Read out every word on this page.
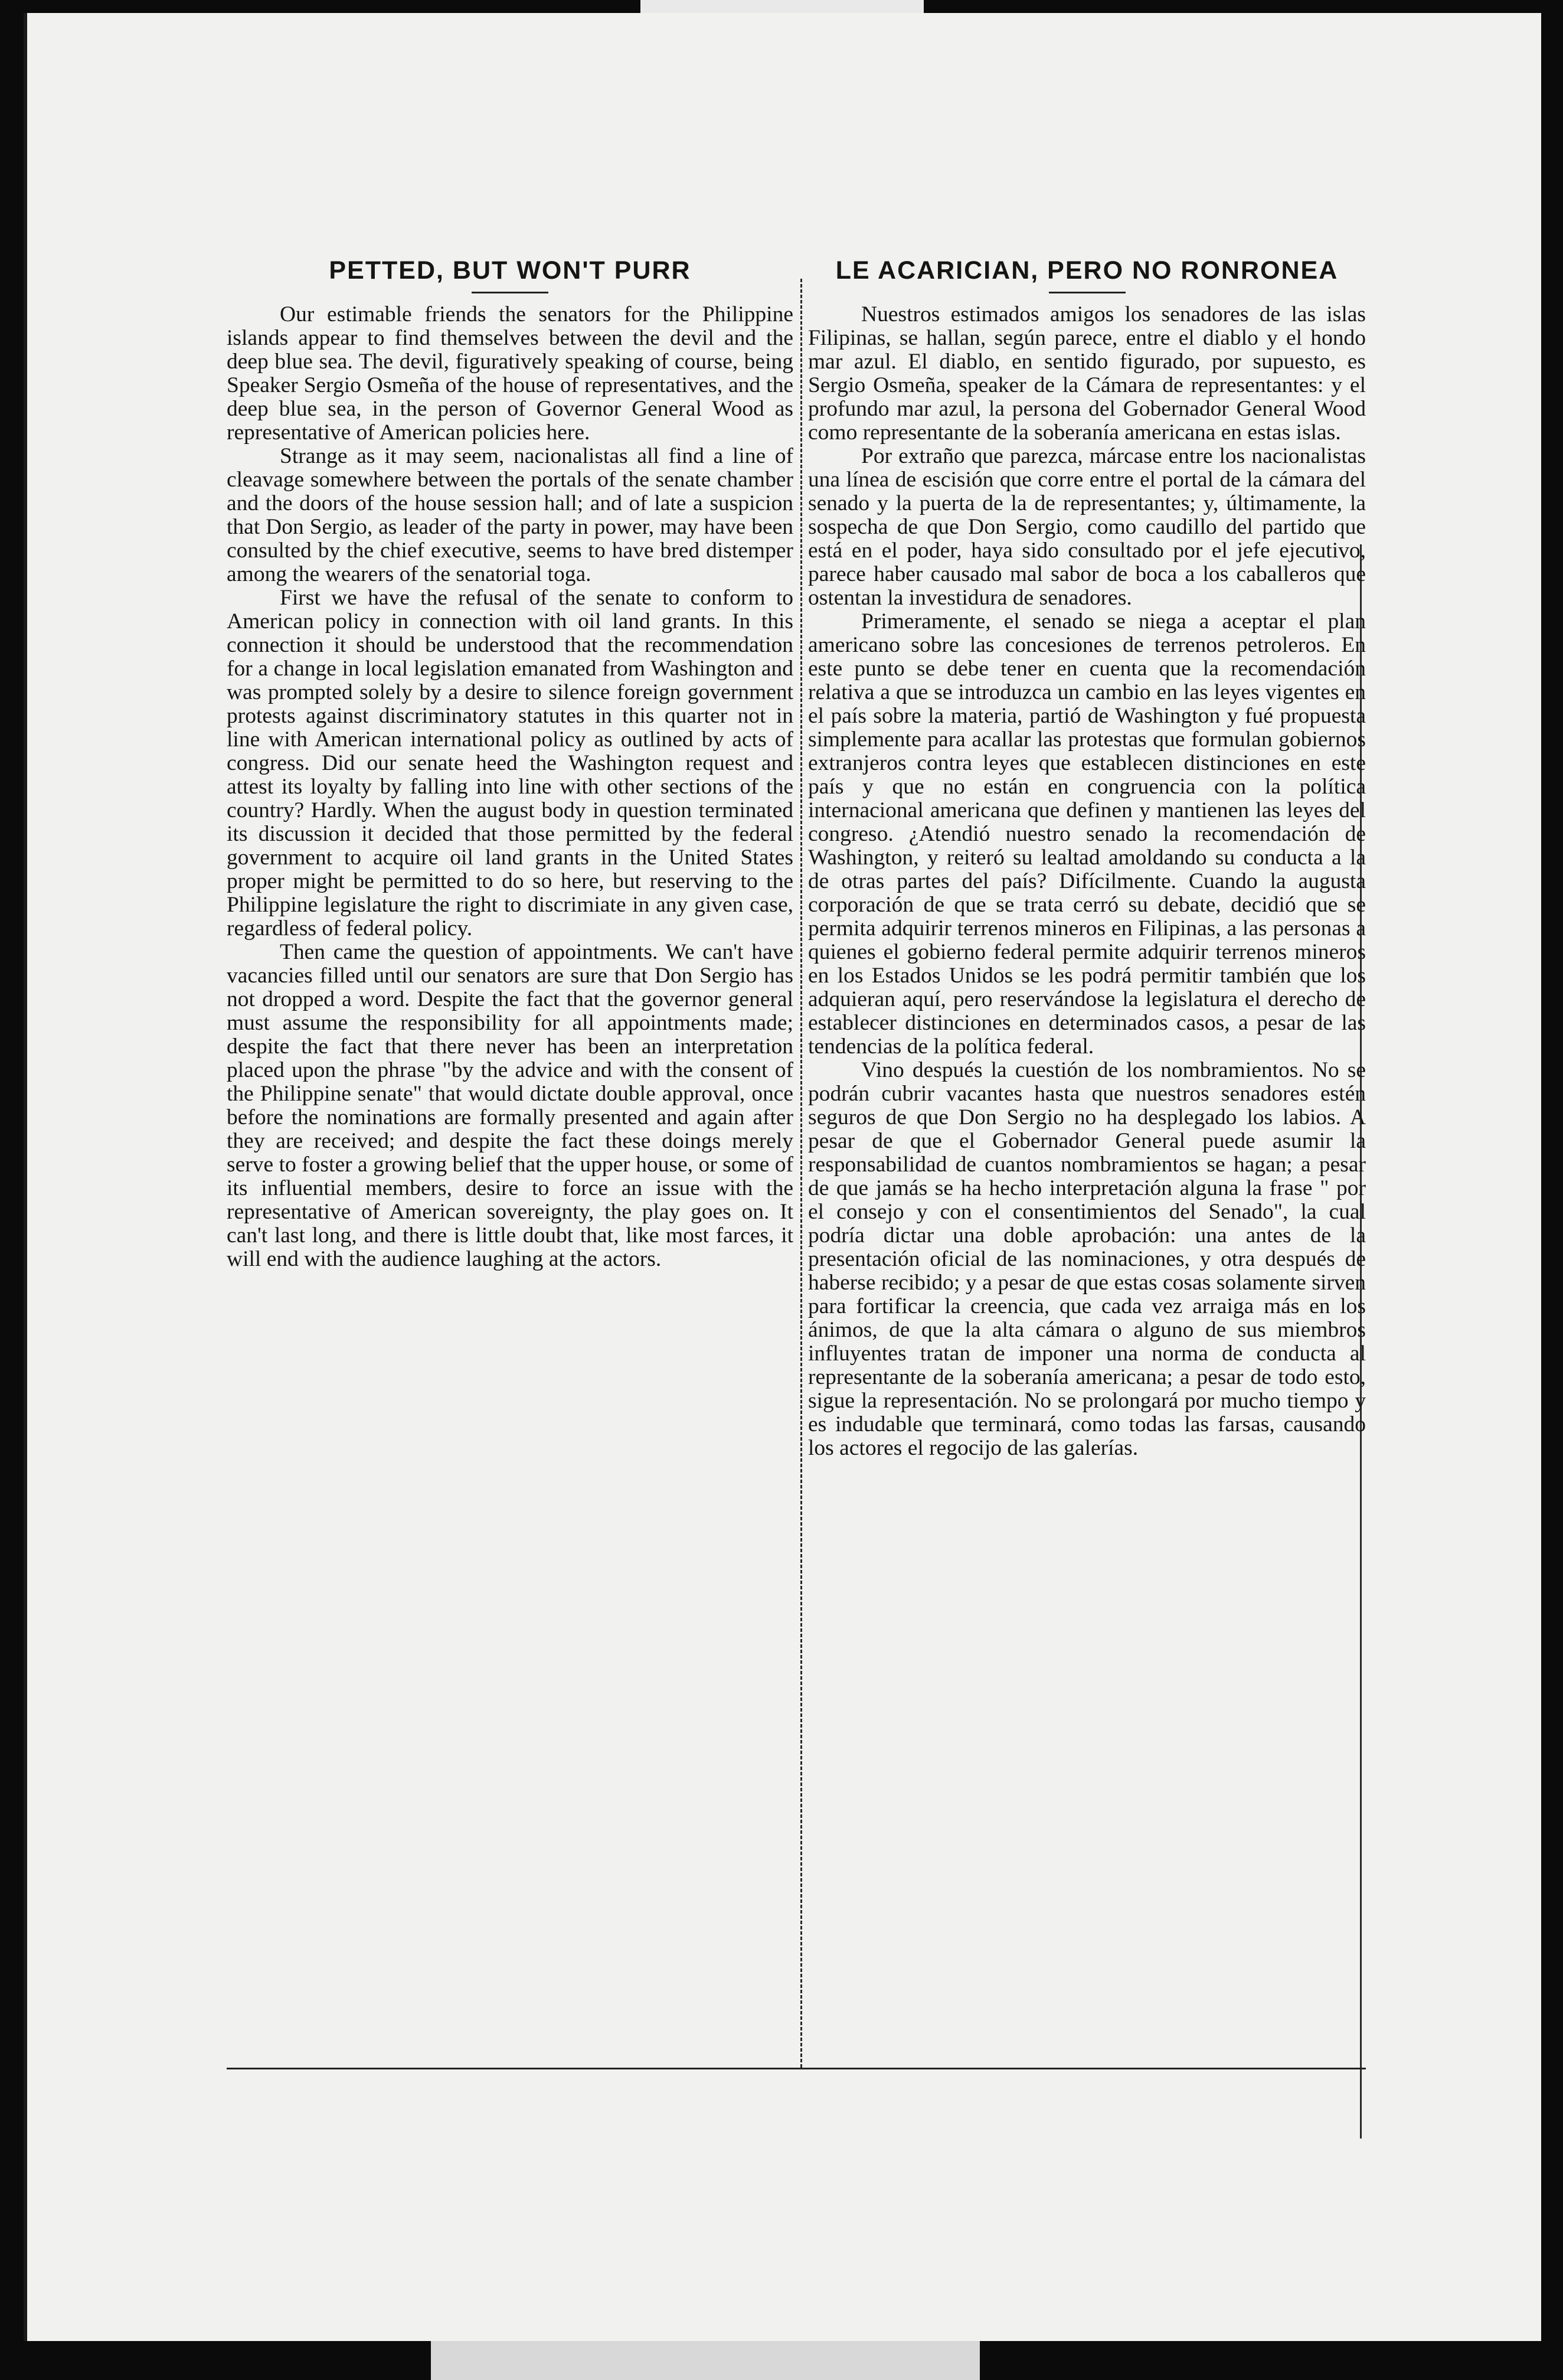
PETTED, BUT WON'T PURR

Our estimable friends the senators for the Philippine islands appear to find themselves between the devil and the deep blue sea. The devil, figuratively speaking of course, being Speaker Sergio Osmeña of the house of representatives, and the deep blue sea, in the person of Governor General Wood as representative of American policies here.

Strange as it may seem, nacionalistas all find a line of cleavage somewhere between the portals of the senate chamber and the doors of the house session hall; and of late a suspicion that Don Sergio, as leader of the party in power, may have been consulted by the chief executive, seems to have bred distemper among the wearers of the senatorial toga.

First we have the refusal of the senate to conform to American policy in connection with oil land grants. In this connection it should be understood that the recommendation for a change in local legislation emanated from Washington and was prompted solely by a desire to silence foreign government protests against discriminatory statutes in this quarter not in line with American international policy as outlined by acts of congress. Did our senate heed the Washington request and attest its loyalty by falling into line with other sections of the country? Hardly. When the august body in question terminated its discussion it decided that those permitted by the federal government to acquire oil land grants in the United States proper might be permitted to do so here, but reserving to the Philippine legislature the right to discrimiate in any given case, regardless of federal policy.

Then came the question of appointments. We can't have vacancies filled until our senators are sure that Don Sergio has not dropped a word. Despite the fact that the governor general must assume the responsibility for all appointments made; despite the fact that there never has been an interpretation placed upon the phrase "by the advice and with the consent of the Philippine senate" that would dictate double approval, once before the nominations are formally presented and again after they are received; and despite the fact these doings merely serve to foster a growing belief that the upper house, or some of its influential members, desire to force an issue with the representative of American sovereignty, the play goes on. It can't last long, and there is little doubt that, like most farces, it will end with the audience laughing at the actors.

LE ACARICIAN, PERO NO RONRONEA

Nuestros estimados amigos los senadores de las islas Filipinas, se hallan, según parece, entre el diablo y el hondo mar azul. El diablo, en sentido figurado, por supuesto, es Sergio Osmeña, speaker de la Cámara de representantes: y el profundo mar azul, la persona del Gobernador General Wood como representante de la soberanía americana en estas islas.

Por extraño que parezca, márcase entre los nacionalistas una línea de escisión que corre entre el portal de la cámara del senado y la puerta de la de representantes; y, últimamente, la sospecha de que Don Sergio, como caudillo del partido que está en el poder, haya sido consultado por el jefe ejecutivo, parece haber causado mal sabor de boca a los caballeros que ostentan la investidura de senadores.

Primeramente, el senado se niega a aceptar el plan americano sobre las concesiones de terrenos petroleros. En este punto se debe tener en cuenta que la recomendación relativa a que se introduzca un cambio en las leyes vigentes en el país sobre la materia, partió de Washington y fué propuesta simplemente para acallar las protestas que formulan gobiernos extranjeros contra leyes que establecen distinciones en este país y que no están en congruencia con la política internacional americana que definen y mantienen las leyes del congreso. ¿Atendió nuestro senado la recomendación de Washington, y reiteró su lealtad amoldando su conducta a la de otras partes del país? Difícilmente. Cuando la augusta corporación de que se trata cerró su debate, decidió que se permita adquirir terrenos mineros en Filipinas, a las personas a quienes el gobierno federal permite adquirir terrenos mineros en los Estados Unidos se les podrá permitir también que los adquieran aquí, pero reservándose la legislatura el derecho de establecer distinciones en determinados casos, a pesar de las tendencias de la política federal.

Vino después la cuestión de los nombramientos. No se podrán cubrir vacantes hasta que nuestros senadores estén seguros de que Don Sergio no ha desplegado los labios. A pesar de que el Gobernador General puede asumir la responsabilidad de cuantos nombramientos se hagan; a pesar de que jamás se ha hecho interpretación alguna la frase " por el consejo y con el consentimientos del Senado", la cual podría dictar una doble aprobación: una antes de la presentación oficial de las nominaciones, y otra después de haberse recibido; y a pesar de que estas cosas solamente sirven para fortificar la creencia, que cada vez arraiga más en los ánimos, de que la alta cámara o alguno de sus miembros influyentes tratan de imponer una norma de conducta al representante de la soberanía americana; a pesar de todo esto, sigue la representación. No se prolongará por mucho tiempo y es indudable que terminará, como todas las farsas, causando los actores el regocijo de las galerías.
